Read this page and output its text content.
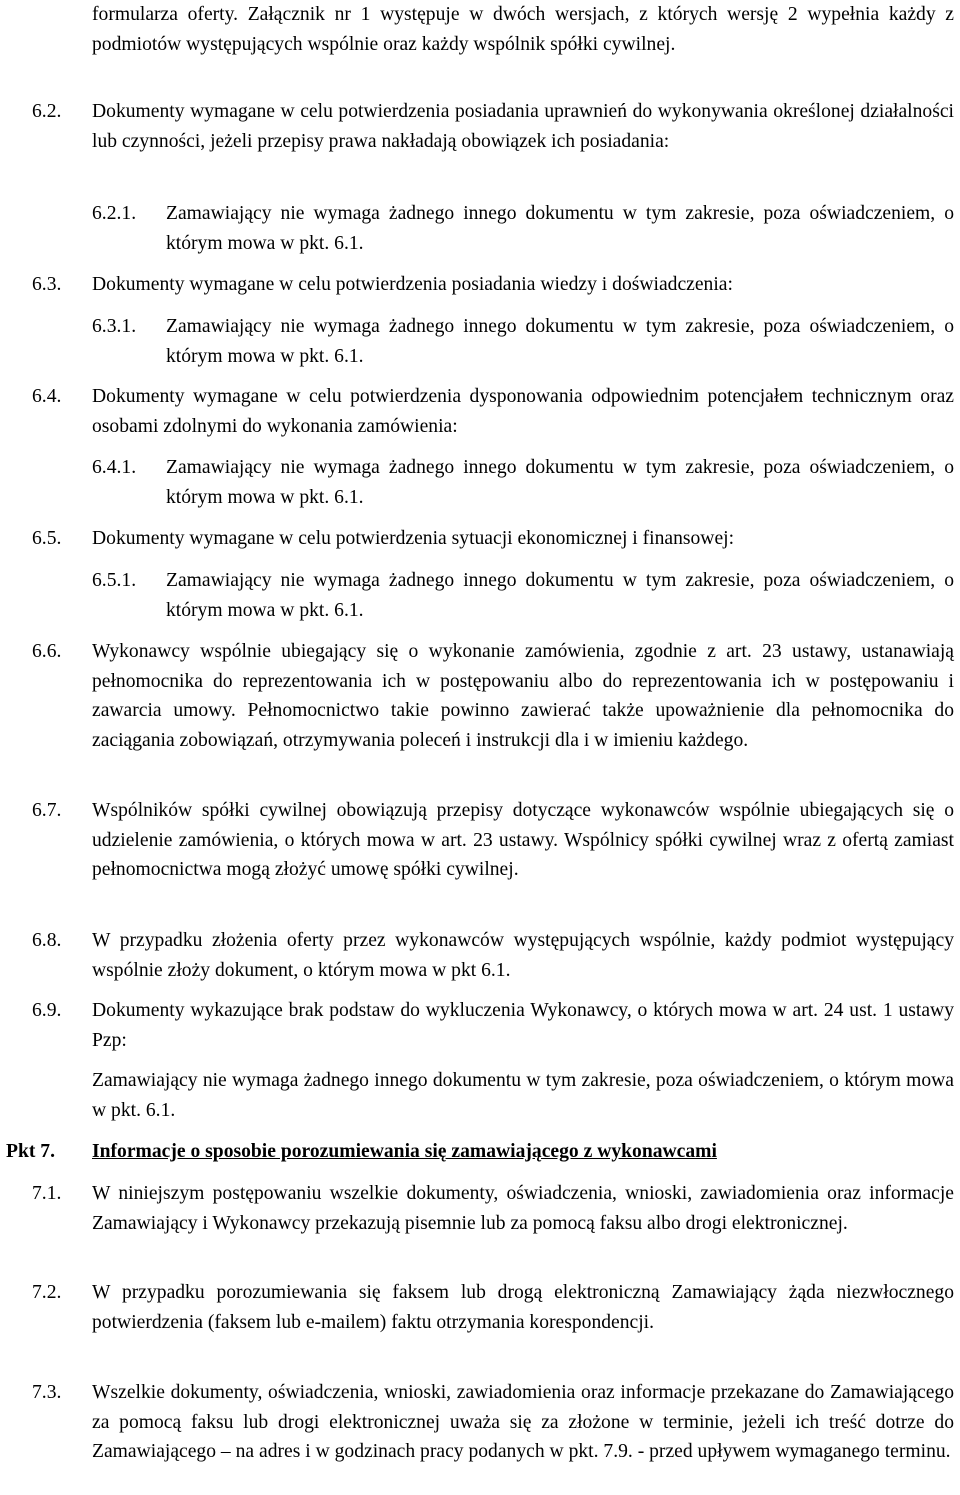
formularza oferty. Załącznik nr 1 występuje w dwóch wersjach, z których wersję 2 wypełnia każdy z podmiotów występujących wspólnie oraz każdy wspólnik spółki cywilnej.
6.2. Dokumenty wymagane w celu potwierdzenia posiadania uprawnień do wykonywania określonej działalności lub czynności, jeżeli przepisy prawa nakładają obowiązek ich posiadania:
6.2.1. Zamawiający nie wymaga żadnego innego dokumentu w tym zakresie, poza oświadczeniem, o którym mowa w pkt. 6.1.
6.3. Dokumenty wymagane w celu potwierdzenia posiadania wiedzy i doświadczenia:
6.3.1. Zamawiający nie wymaga żadnego innego dokumentu w tym zakresie, poza oświadczeniem, o którym mowa w pkt. 6.1.
6.4. Dokumenty wymagane w celu potwierdzenia dysponowania odpowiednim potencjałem technicznym oraz osobami zdolnymi do wykonania zamówienia:
6.4.1. Zamawiający nie wymaga żadnego innego dokumentu w tym zakresie, poza oświadczeniem, o którym mowa w pkt. 6.1.
6.5. Dokumenty wymagane w celu potwierdzenia sytuacji ekonomicznej i finansowej:
6.5.1. Zamawiający nie wymaga żadnego innego dokumentu w tym zakresie, poza oświadczeniem, o którym mowa w pkt. 6.1.
6.6. Wykonawcy wspólnie ubiegający się o wykonanie zamówienia, zgodnie z art. 23 ustawy, ustanawiają pełnomocnika do reprezentowania ich w postępowaniu albo do reprezentowania ich w postępowaniu i zawarcia umowy. Pełnomocnictwo takie powinno zawierać także upoważnienie dla pełnomocnika do zaciągania zobowiązań, otrzymywania poleceń i instrukcji dla i w imieniu każdego.
6.7. Wspólników spółki cywilnej obowiązują przepisy dotyczące wykonawców wspólnie ubiegających się o udzielenie zamówienia, o których mowa w art. 23 ustawy. Wspólnicy spółki cywilnej wraz z ofertą zamiast pełnomocnictwa mogą złożyć umowę spółki cywilnej.
6.8. W przypadku złożenia oferty przez wykonawców występujących wspólnie, każdy podmiot występujący wspólnie złoży dokument, o którym mowa w pkt 6.1.
6.9. Dokumenty wykazujące brak podstaw do wykluczenia Wykonawcy, o których mowa w art. 24 ust. 1 ustawy Pzp:
Zamawiający nie wymaga żadnego innego dokumentu w tym zakresie, poza oświadczeniem, o którym mowa w pkt. 6.1.
Pkt 7. Informacje o sposobie porozumiewania się zamawiającego z wykonawcami
7.1. W niniejszym postępowaniu wszelkie dokumenty, oświadczenia, wnioski, zawiadomienia oraz informacje Zamawiający i Wykonawcy przekazują pisemnie lub za pomocą faksu albo drogi elektronicznej.
7.2. W przypadku porozumiewania się faksem lub drogą elektroniczną Zamawiający żąda niezwłocznego potwierdzenia (faksem lub e-mailem) faktu otrzymania korespondencji.
7.3. Wszelkie dokumenty, oświadczenia, wnioski, zawiadomienia oraz informacje przekazane do Zamawiającego za pomocą faksu lub drogi elektronicznej uważa się za złożone w terminie, jeżeli ich treść dotrze do Zamawiającego – na adres i w godzinach pracy podanych w pkt. 7.9. - przed upływem wymaganego terminu.
